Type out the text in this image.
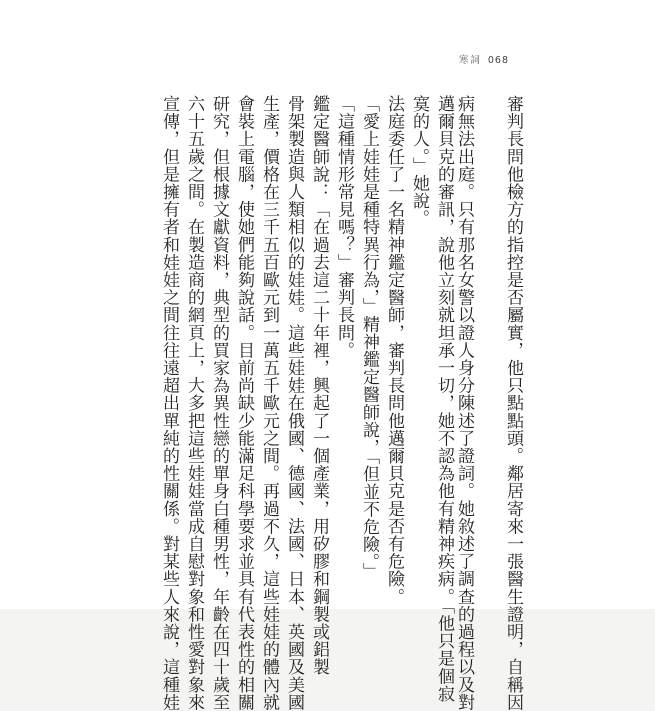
寒詞 068
審判長問他檢方的指控是否屬實，他只點點頭。鄰居寄來一張醫生證明，自稱因
病無法出庭。只有那名女警以證人身分陳述了證詞。她敘述了調查的過程以及對
邁爾貝克的審訊，說他立刻就坦承一切，她不認為他有精神疾病。「他只是個寂
寞的人。」她說。
法庭委任了一名精神鑑定醫師，審判長問他邁爾貝克是否有危險。
「愛上娃娃是種特異行為，」精神鑑定醫師說，「但並不危險。」
「這種情形常見嗎？」審判長問。
鑑定醫師說：「在過去這二十年裡，興起了一個產業，用矽膠和鋼製或鋁製
骨架製造與人類相似的娃娃。這些娃娃在俄國、德國、法國、日本、英國及美國
生產，價格在三千五百歐元到一萬五千歐元之間。再過不久，這些娃娃的體內就
會裝上電腦，使她們能夠說話。目前尚缺少能滿足科學要求並具有代表性的相關
研究，但根據文獻資料，典型的買家為異性戀的單身白種男性，年齡在四十歲至
六十五歲之間。在製造商的網頁上，大多把這些娃娃當成自慰對象和性愛對象來
宣傳，但是擁有者和娃娃之間往往遠超出單純的性關係。對某些人來說，這種娃
